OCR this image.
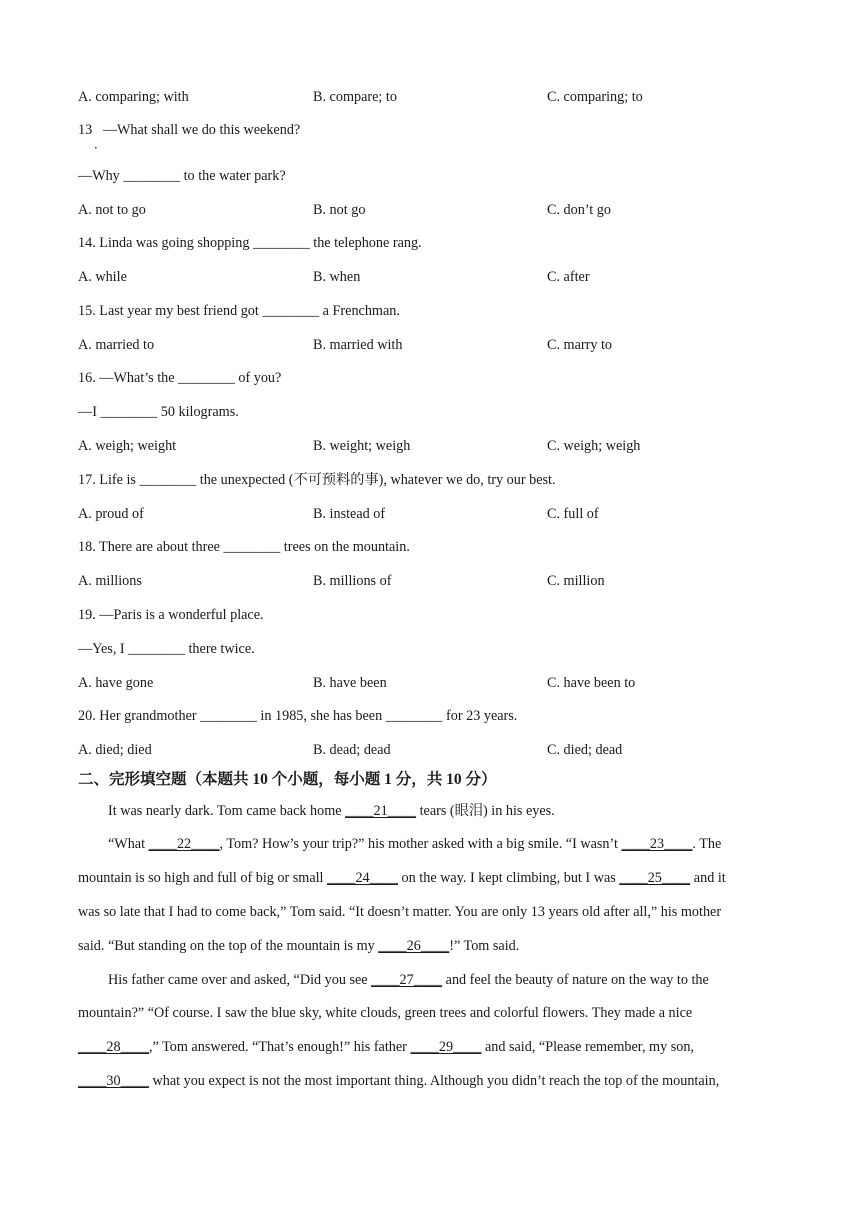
A. comparing; with	B. compare; to	C. comparing; to
13 —What shall we do this weekend?
．
—Why ________ to the water park?
A. not to go	B. not go	C. don’t go
14. Linda was going shopping ________ the telephone rang.
A. while	B. when	C. after
15. Last year my best friend got ________ a Frenchman.
A. married to	B. married with	C. marry to
16. —What’s the ________ of you?
—I ________ 50 kilograms.
A. weigh; weight	B. weight; weigh	C. weigh; weigh
17. Life is ________ the unexpected (不可预料的事), whatever we do, try our best.
A. proud of	B. instead of	C. full of
18. There are about three ________ trees on the mountain.
A. millions	B. millions of	C. million
19. —Paris is a wonderful place.
—Yes, I ________ there twice.
A. have gone	B. have been	C. have been to
20. Her grandmother ________ in 1985, she has been ________ for 23 years.
A. died; died	B. dead; dead	C. died; dead
二、完形填空题（本题共 10 个小题，每小题 1 分，共 10 分）
It was nearly dark. Tom came back home ____21____ tears (眼泪) in his eyes.
“What ____22____, Tom? How’s your trip?” his mother asked with a big smile. “I wasn’t ____23____. The
mountain is so high and full of big or small ____24____ on the way. I kept climbing, but I was ____25____ and it
was so late that I had to come back,” Tom said. “It doesn’t matter. You are only 13 years old after all,” his mother
said. “But standing on the top of the mountain is my ____26____!” Tom said.
His father came over and asked, “Did you see ____27____ and feel the beauty of nature on the way to the
mountain?” “Of course. I saw the blue sky, white clouds, green trees and colorful flowers. They made a nice
____28____,” Tom answered. “That’s enough!” his father ____29____ and said, “Please remember, my son,
____30____ what you expect is not the most important thing. Although you didn’t reach the top of the mountain,
